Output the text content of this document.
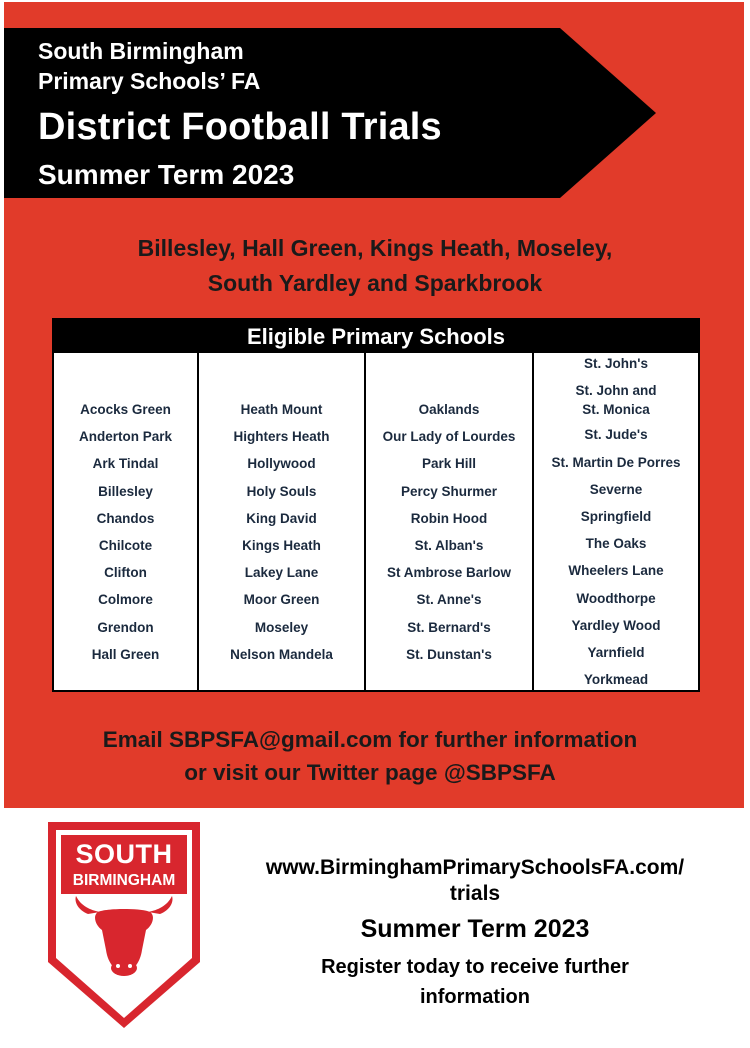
South Birmingham
Primary Schools’ FA
District Football Trials
Summer Term 2023
Billesley, Hall Green, Kings Heath, Moseley,
South Yardley and Sparkbrook
Eligible Primary Schools
Acocks Green
Anderton Park
Ark Tindal
Billesley
Chandos
Chilcote
Clifton
Colmore
Grendon
Hall Green
Heath Mount
Highters Heath
Hollywood
Holy Souls
King David
Kings Heath
Lakey Lane
Moor Green
Moseley
Nelson Mandela
Oaklands
Our Lady of Lourdes
Park Hill
Percy Shurmer
Robin Hood
St. Alban's
St Ambrose Barlow
St. Anne's
St. Bernard's
St. Dunstan's
St. John's
St. John and
St. Monica
St. Jude's
St. Martin De Porres
Severne
Springfield
The Oaks
Wheelers Lane
Woodthorpe
Yardley Wood
Yarnfield
Yorkmead
Email SBPSFA@gmail.com for further information
or visit our Twitter page @SBPSFA
SOUTH
BIRMINGHAM
www.BirminghamPrimarySchoolsFA.com/
trials
Summer Term 2023
Register today to receive further
information
